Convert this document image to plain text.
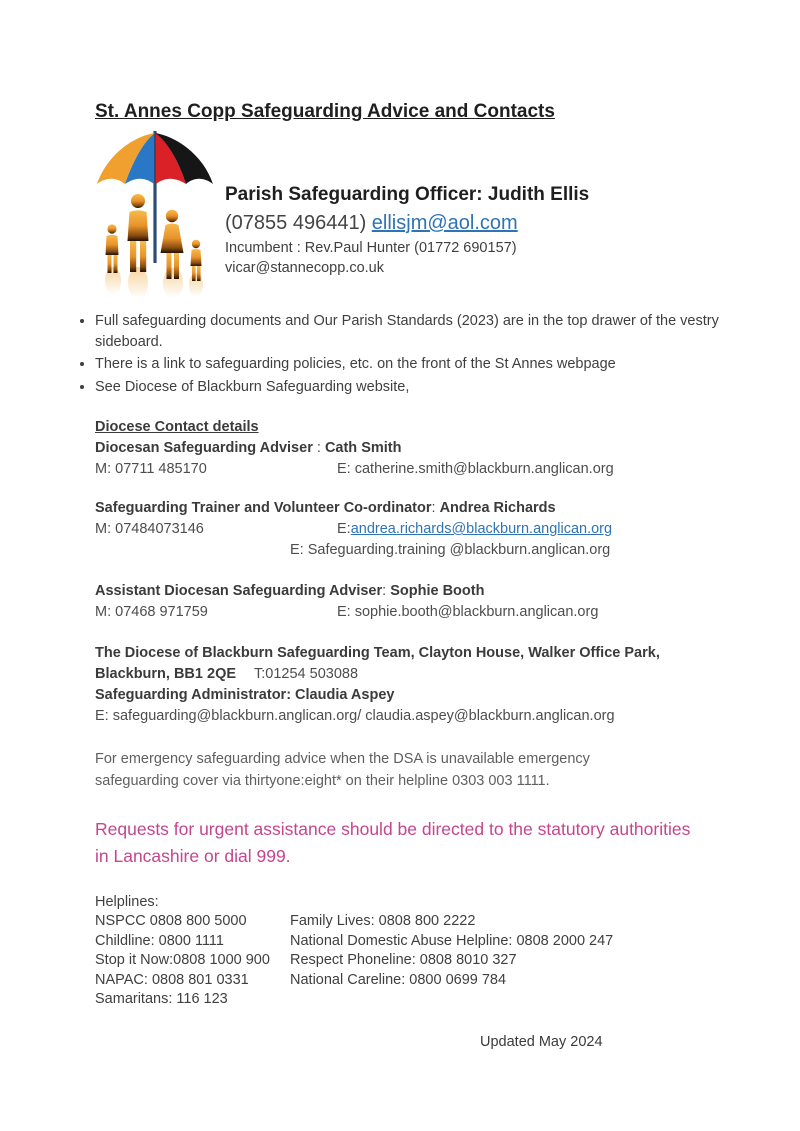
St. Annes Copp Safeguarding Advice and Contacts
Parish Safeguarding Officer: Judith Ellis

(07855 496441) ellisjm@aol.com

Incumbent : Rev.Paul Hunter (01772 690157)

vicar@stannecopp.co.uk

• Full safeguarding documents and Our Parish Standards (2023) are in the top drawer of the vestry sideboard.
• There is a link to safeguarding policies, etc. on the front of the St Annes webpage
• See Diocese of Blackburn Safeguarding website,

Diocese Contact details

Diocesan Safeguarding Adviser : Cath Smith

M: 07711 485170	E: catherine.smith@blackburn.anglican.org

Safeguarding Trainer and Volunteer Co-ordinator: Andrea Richards

M: 07484073146	E: andrea.richards@blackburn.anglican.org

E: Safeguarding.training @blackburn.anglican.org

Assistant Diocesan Safeguarding Adviser: Sophie Booth

M: 07468 971759	E: sophie.booth@blackburn.anglican.org

The Diocese of Blackburn Safeguarding Team, Clayton House, Walker Office Park, Blackburn, BB1 2QE T:01254 503088

Safeguarding Administrator: Claudia Aspey

E: safeguarding@blackburn.anglican.org/ claudia.aspey@blackburn.anglican.org

For emergency safeguarding advice when the DSA is unavailable emergency safeguarding cover via thirtyone:eight* on their helpline 0303 003 1111.

Requests for urgent assistance should be directed to the statutory authorities in Lancashire or dial 999.

Helplines:
NSPCC 0808 800 5000	Family Lives: 0808 800 2222
Childline: 0800 1111	National Domestic Abuse Helpline: 0808 2000 247
Stop it Now:0808 1000 900	Respect Phoneline: 0808 8010 327
NAPAC: 0808 801 0331	National Careline: 0800 0699 784
Samaritans: 116 123

Updated May 2024
